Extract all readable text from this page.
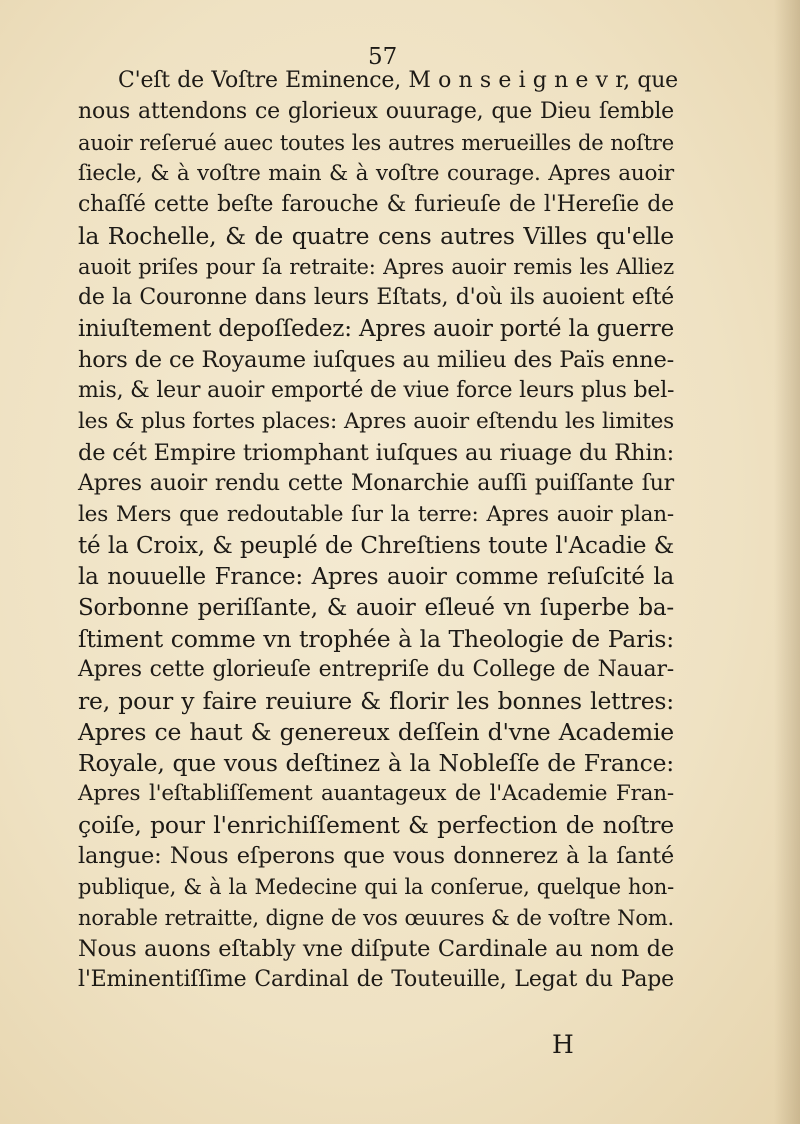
57
C'eſt de Voſtre Eminence, M o n s e i g n e v r, que
nous attendons ce glorieux ouurage, que Dieu ſemble
auoir reſerué auec toutes les autres merueilles de noſtre
ſiecle, & à voſtre main & à voſtre courage. Apres auoir
chaſſé cette beſte farouche & furieuſe de l'Hereſie de
la Rochelle, & de quatre cens autres Villes qu'elle
auoit priſes pour ſa retraite: Apres auoir remis les Alliez
de la Couronne dans leurs Eſtats, d'où ils auoient eſté
iniuſtement depoſſedez: Apres auoir porté la guerre
hors de ce Royaume iuſques au milieu des Païs enne-
mis, & leur auoir emporté de viue force leurs plus bel-
les & plus fortes places: Apres auoir eſtendu les limites
de cét Empire triomphant iuſques au riuage du Rhin:
Apres auoir rendu cette Monarchie auſſi puiſſante ſur
les Mers que redoutable ſur la terre: Apres auoir plan-
té la Croix, & peuplé de Chreſtiens toute l'Acadie &
la nouuelle France: Apres auoir comme reſuſcité la
Sorbonne periſſante, & auoir eſleué vn ſuperbe ba-
ſtiment comme vn trophée à la Theologie de Paris:
Apres cette glorieuſe entrepriſe du College de Nauar-
re, pour y faire reuiure & florir les bonnes lettres:
Apres ce haut & genereux deſſein d'vne Academie
Royale, que vous deſtinez à la Nobleſſe de France:
Apres l'eſtabliſſement auantageux de l'Academie Fran-
çoiſe, pour l'enrichiſſement & perfection de noſtre
langue: Nous eſperons que vous donnerez à la ſanté
publique, & à la Medecine qui la conſerue, quelque hon-
norable retraitte, digne de vos œuures & de voſtre Nom.
Nous auons eſtably vne diſpute Cardinale au nom de
l'Eminentiſſime Cardinal de Touteuille, Legat du Pape
H
